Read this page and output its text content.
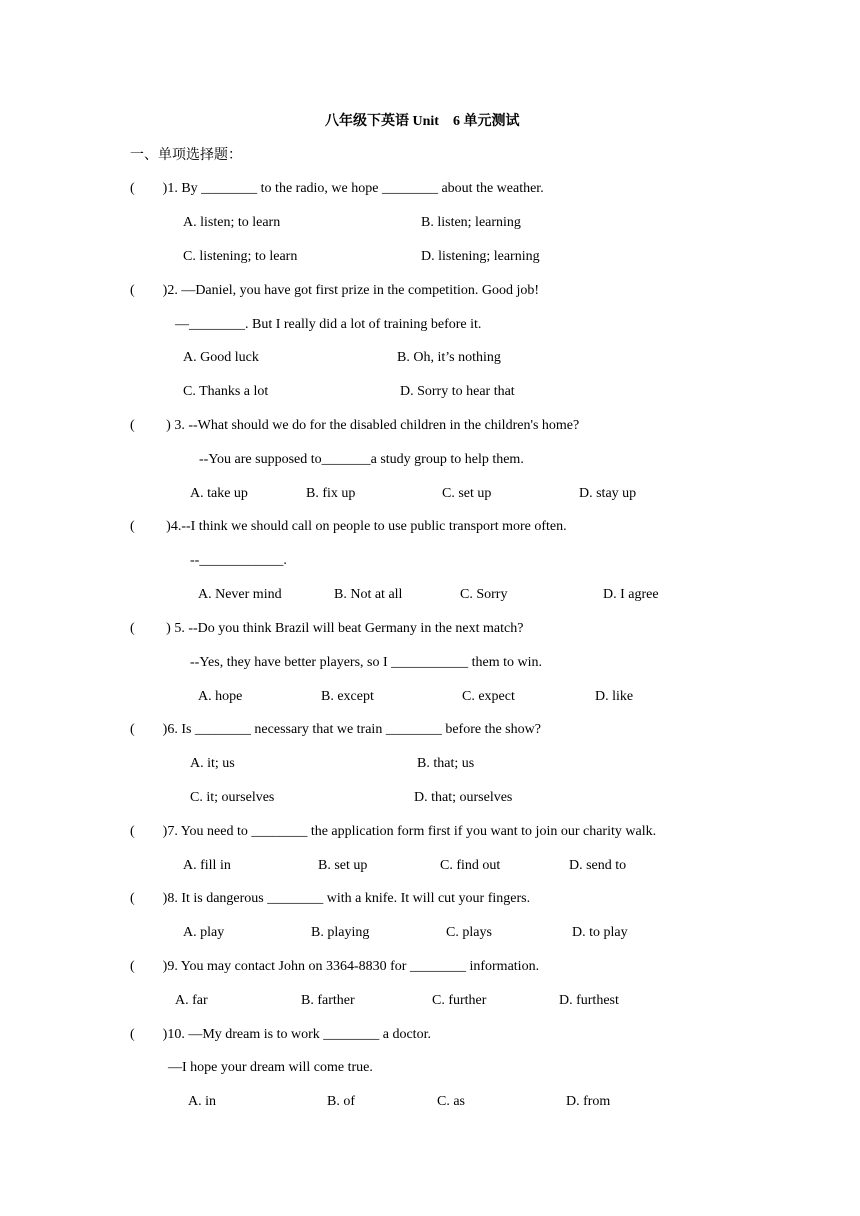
八年级下英语 Unit　6 单元测试
一、单项选择题：
(        )1. By ________ to the radio, we hope ________ about the weather.
A. listen; to learn	B. listen; learning
C. listening; to learn	D. listening; learning
(        )2. —Daniel, you have got first prize in the competition. Good job!
—________. But I really did a lot of training before it.
A. Good luck	B. Oh, it’s nothing
C. Thanks a lot	D. Sorry to hear that
(         ) 3. --What should we do for the disabled children in the children's home?
--You are supposed to_______a study group to help them.
A. take up	B. fix up	C. set up	D. stay up
(         )4.--I think we should call on people to use public transport more often.
--____________.
A. Never mind	B. Not at all	C. Sorry	D. I agree
(         ) 5. --Do you think Brazil will beat Germany in the next match?
--Yes, they have better players, so I ___________ them to win.
A. hope	B. except	C. expect	D. like
(        )6. Is ________ necessary that we train ________ before the show?
A. it; us	B. that; us
C. it; ourselves	D. that; ourselves
(        )7. You need to ________ the application form first if you want to join our charity walk.
A. fill in	B. set up	C. find out	D. send to
(        )8. It is dangerous ________ with a knife. It will cut your fingers.
A. play	B. playing	C. plays	D. to play
(        )9. You may contact John on 3364-8830 for ________ information.
A. far	B. farther	C. further	D. furthest
(        )10. —My dream is to work ________ a doctor.
—I hope your dream will come true.
A. in	B. of	C. as	D. from
